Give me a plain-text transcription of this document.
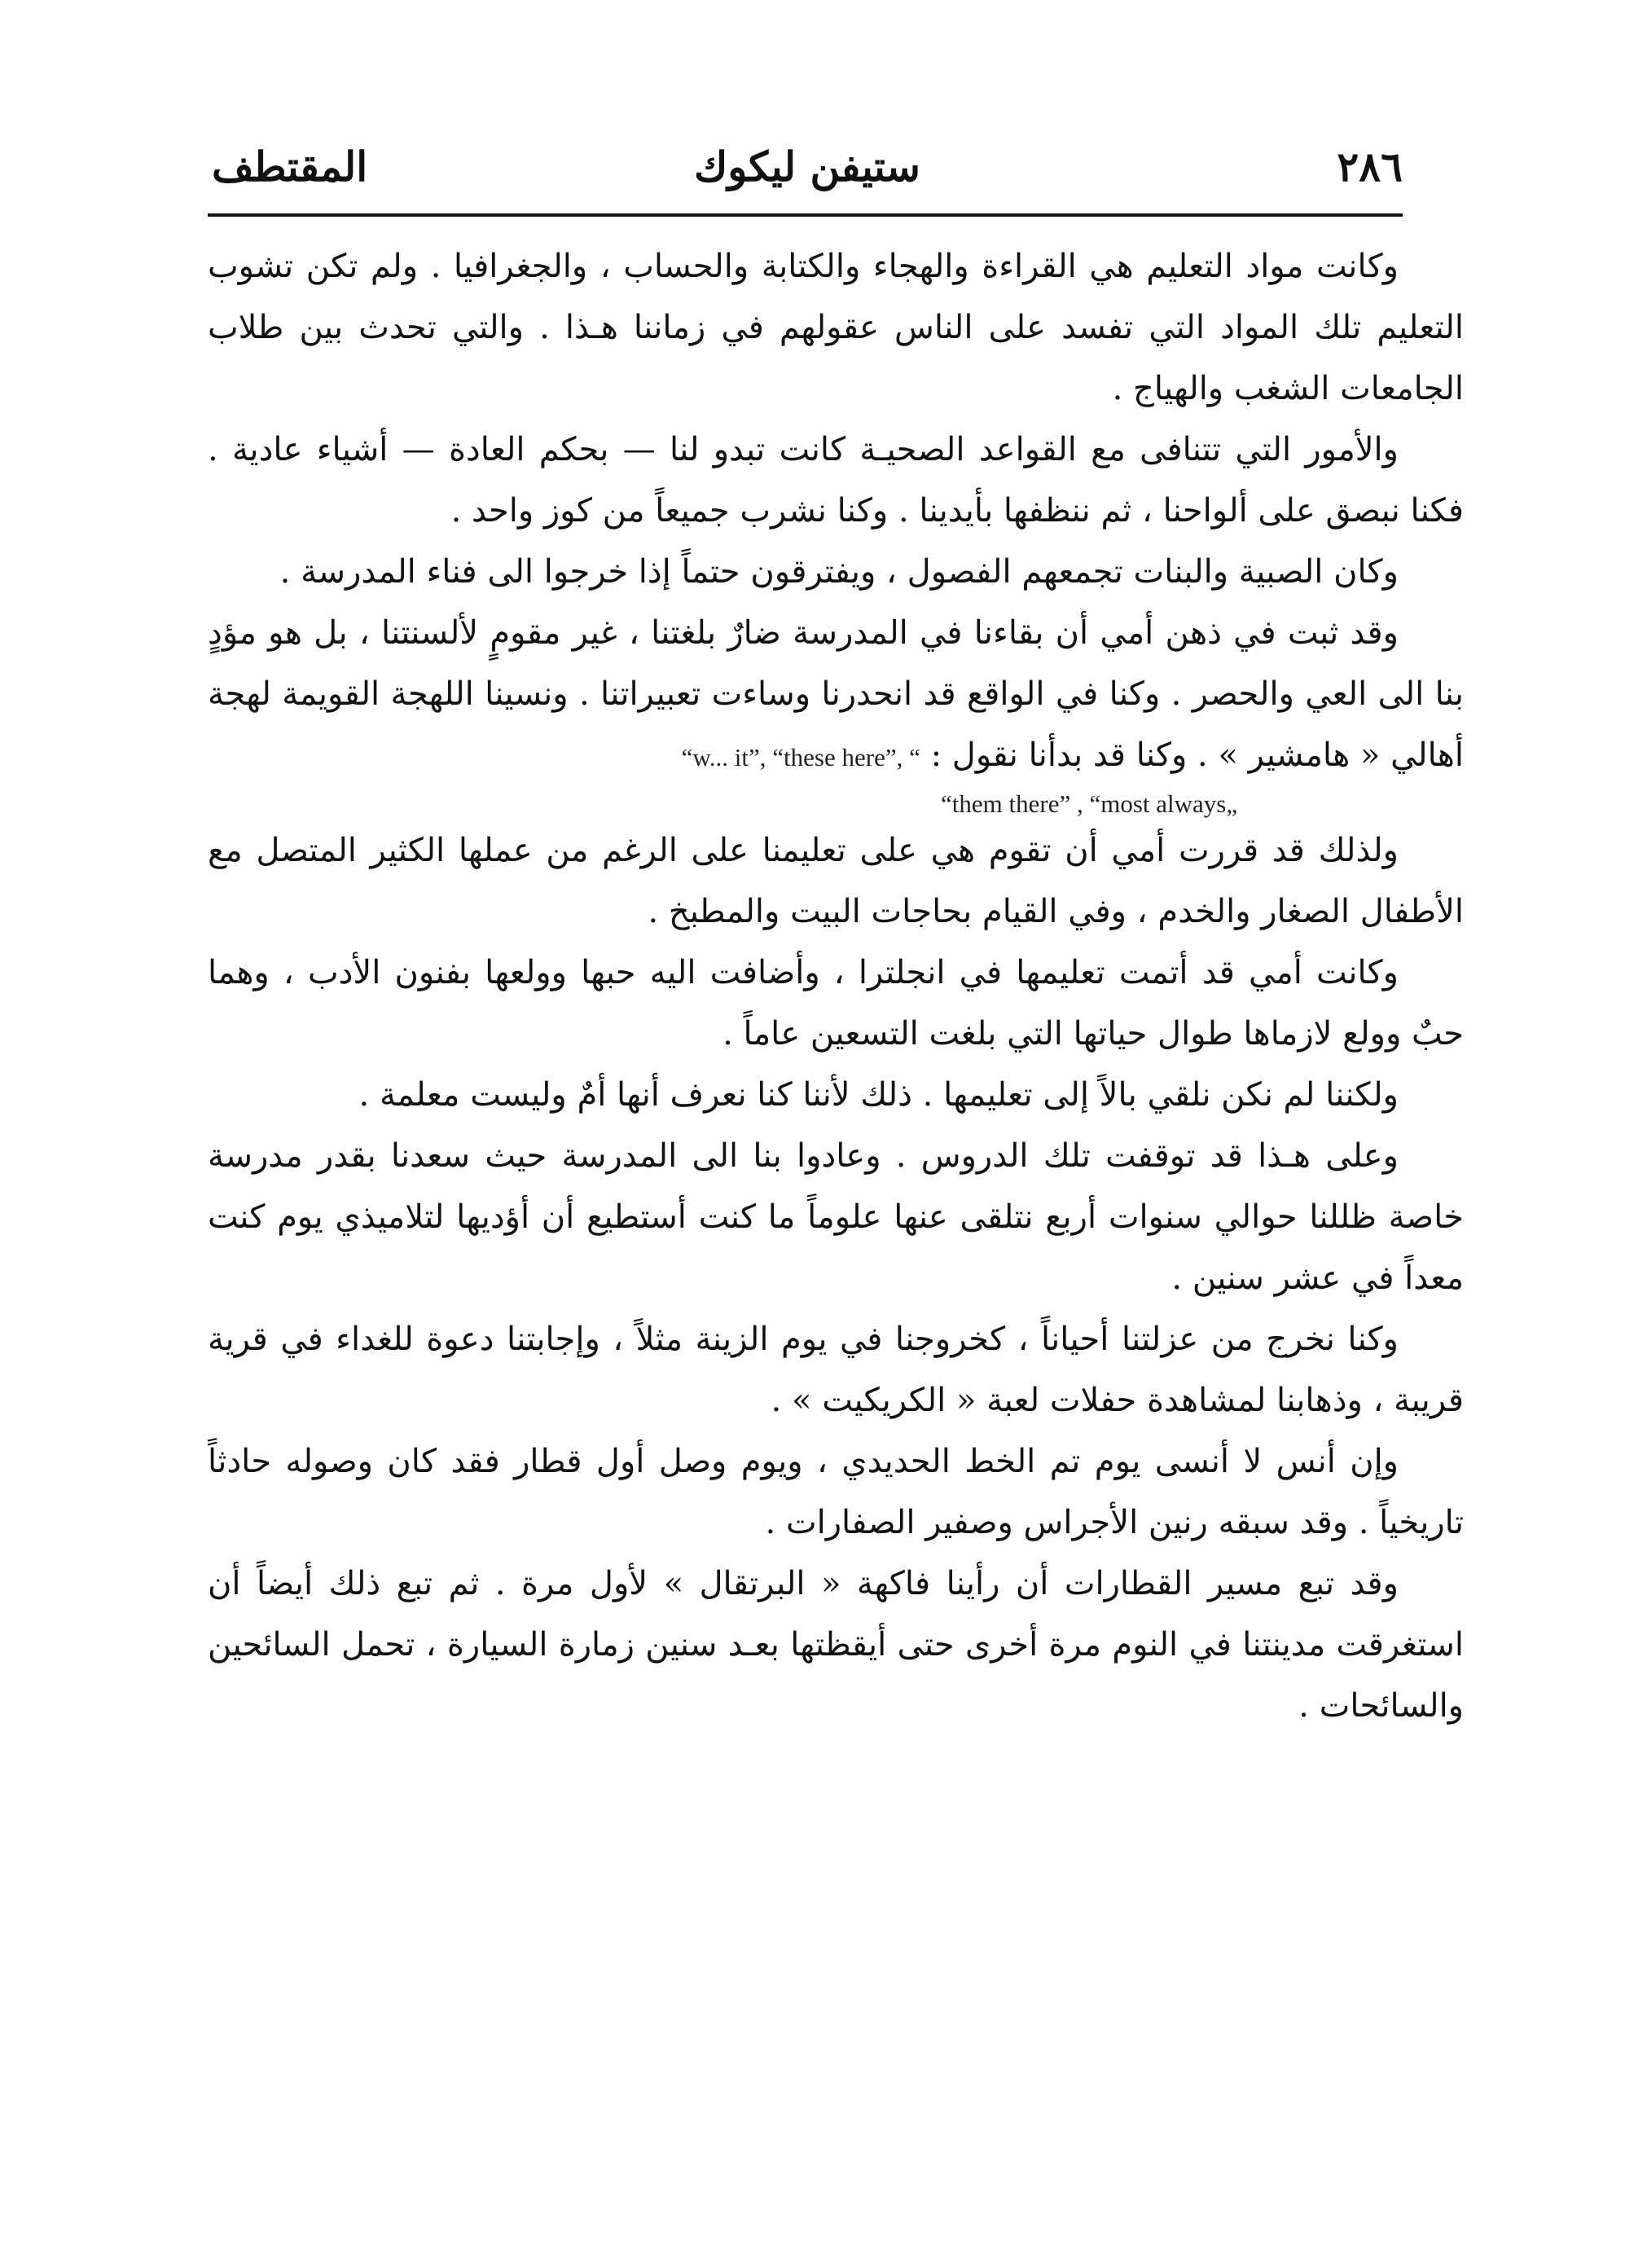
٢٨٦
ستيفن ليكوك
المقتطف

وكانت مواد التعليم هي القراءة والهجاء والكتابة والحساب ، والجغرافيا . ولم تكن تشوب التعليم تلك المواد التي تفسد على الناس عقولهم في زماننا هـذا . والتي تحدث بين طلاب الجامعات الشغب والهياج .

والأمور التي تتنافى مع القواعد الصحيـة كانت تبدو لنا — بحكم العادة — أشياء عادية . فكنا نبصق على ألواحنا ، ثم ننظفها بأيدينا . وكنا نشرب جميعاً من كوز واحد .

وكان الصبية والبنات تجمعهم الفصول ، ويفترقون حتماً إذا خرجوا الى فناء المدرسة .

وقد ثبت في ذهن أمي أن بقاءنا في المدرسة ضارٌ بلغتنا ، غير مقومٍ لألسنتنا ، بل هو مؤدٍ بنا الى العي والحصر . وكنا في الواقع قد انحدرنا وساءت تعبيراتنا . ونسينا اللهجة القويمة لهجة أهالي « هامشير » . وكنا قد بدأنا نقول : “w... it”, “these here”, “

“them there” , “most always„

ولذلك قد قررت أمي أن تقوم هي على تعليمنا على الرغم من عملها الكثير المتصل مع الأطفال الصغار والخدم ، وفي القيام بحاجات البيت والمطبخ .

وكانت أمي قد أتمت تعليمها في انجلترا ، وأضافت اليه حبها وولعها بفنون الأدب ، وهما حبٌ وولع لازماها طوال حياتها التي بلغت التسعين عاماً .

ولكننا لم نكن نلقي بالاً إلى تعليمها . ذلك لأننا كنا نعرف أنها أمٌ وليست معلمة .

وعلى هـذا قد توقفت تلك الدروس . وعادوا بنا الى المدرسة حيث سعدنا بقدر مدرسة خاصة ظللنا حوالي سنوات أربع نتلقى عنها علوماً ما كنت أستطيع أن أؤديها لتلاميذي يوم كنت معداً في عشر سنين .

وكنا نخرج من عزلتنا أحياناً ، كخروجنا في يوم الزينة مثلاً ، وإجابتنا دعوة للغداء في قرية قريبة ، وذهابنا لمشاهدة حفلات لعبة « الكريكيت » .

وإن أنس لا أنسى يوم تم الخط الحديدي ، ويوم وصل أول قطار فقد كان وصوله حادثاً تاريخياً . وقد سبقه رنين الأجراس وصفير الصفارات .

وقد تبع مسير القطارات أن رأينا فاكهة « البرتقال » لأول مرة . ثم تبع ذلك أيضاً أن استغرقت مدينتنا في النوم مرة أخرى حتى أيقظتها بعـد سنين زمارة السيارة ، تحمل السائحين والسائحات .
